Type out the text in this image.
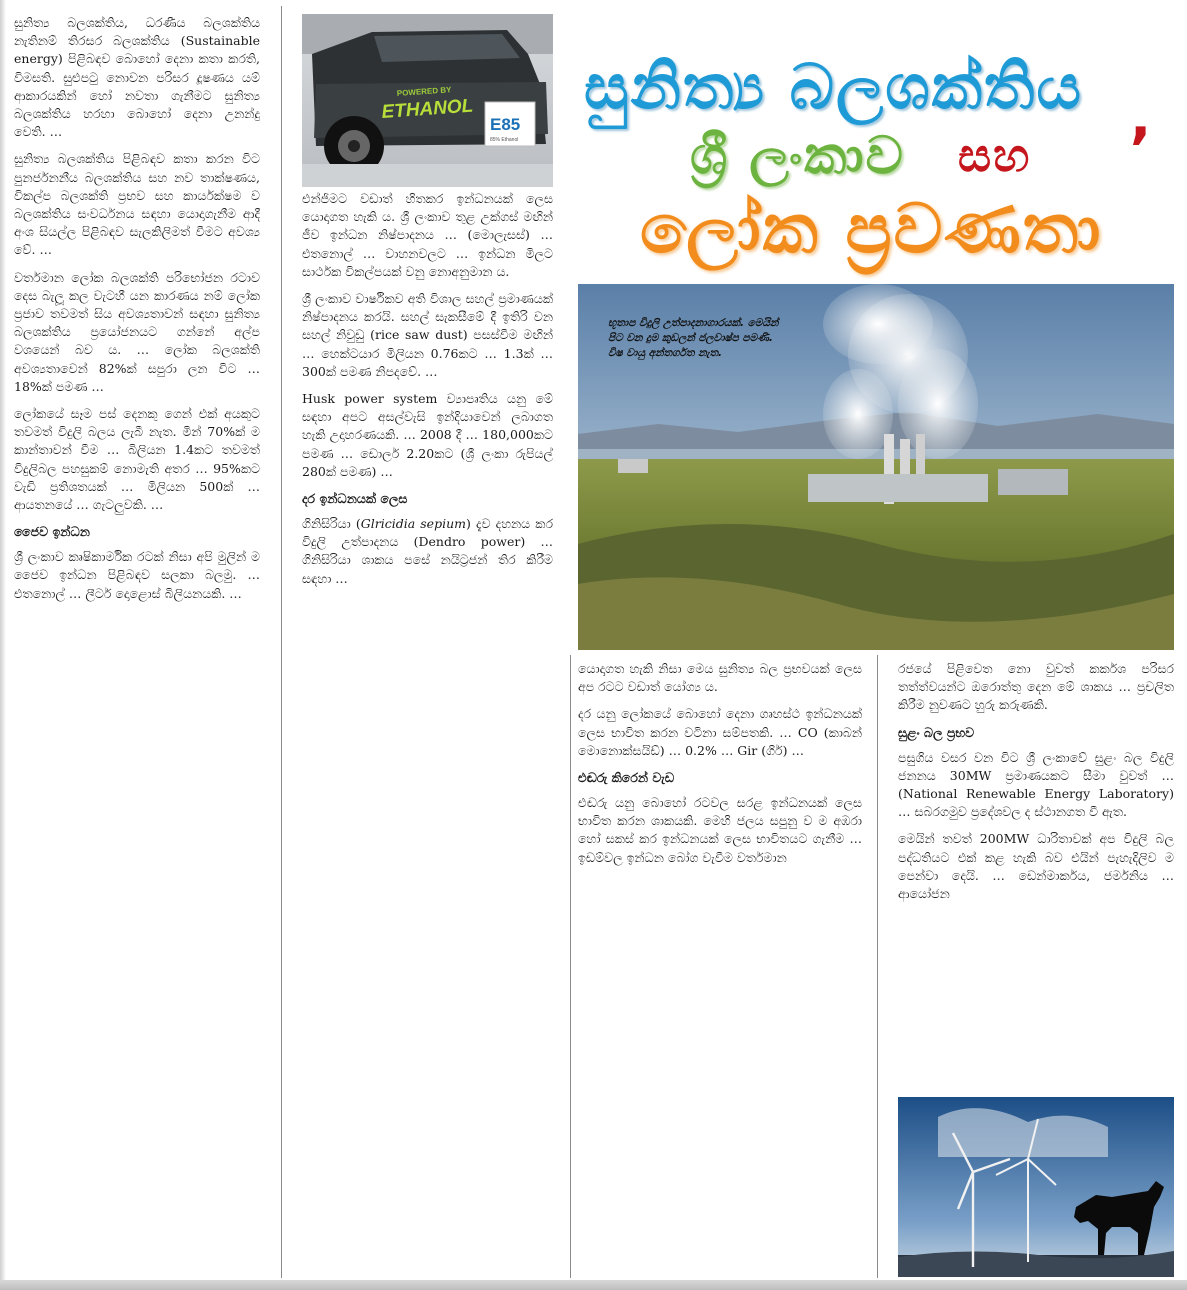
සුනිත්‍ය බලශක්තිය, ධරණීය බලශක්තිය නැතිනම් තිරසර බලශක්තිය (Sustainable energy) පිළිබඳව බොහෝ දෙනා කතා කරති, විමසති. සුළුපටු නොවන පරිසර දූෂණය යම් ආකාරයකින් හෝ නවතා ගැනීමට සුනිත්‍ය බලශක්තිය හරහා බොහෝ දෙනා උනන්දු වෙති. …

සුනිත්‍ය බලශක්තිය පිළිබඳව කතා කරන විට පුනර්ජනනීය බලශක්තිය සහ නව තාක්ෂණය, විකල්ප බලශක්ති ප්‍රභව සහ කාර්යක්ෂම ව බලශක්තිය සංවර්ධනය සඳහා යොදාගැනීම ආදී අංශ සියල්ල පිළිබඳව සැලකිලිමත් වීමට අවශ්‍ය වේ. …

වර්තමාන ලෝක බලශක්ති පරිභෝජන රටාව දෙස බැලූ කල වැටහී යන කාරණය නම් ලෝක ප්‍රජාව තවමත් සිය අවශ්‍යතාවන් සඳහා සුනිත්‍ය බලශක්තිය ප්‍රයෝජනයට ගන්නේ අල්ප වශයෙන් බව ය. … ලෝක බලශක්ති අවශ්‍යතාවෙන් 82%ක් සපුරා ලන විට … 18%ක් පමණ …

ලෝකයේ සෑම පස් දෙනකු ගෙන් එක් අයකුට තවමත් විදුලි බලය ලැබී නැත. මින් 70%ක් ම කාන්තාවන් වීම … බිලියන 1.4කට තවමත් විදුලිබල පහසුකම් නොමැති අතර … 95%කට වැඩි ප්‍රතිශතයක් … මිලියන 500ක් … ආයතනයේ … ගැටලුවකි. …

ජෛව ඉන්ධන

ශ්‍රී ලංකාව කෘෂිකාර්මික රටක් නිසා අපි මුලින් ම ජෛව ඉන්ධන පිළිබඳව සලකා බලමු. … එතනොල් … ලීටර් දොළොස් බිලියනයකි. …

POWERED BY
ETHANOL
E85
85% Ethanol

එන්ජිමට වඩාත් හිතකර ඉන්ධනයක් ලෙස යොදාගත හැකි ය. ශ්‍රී ලංකාව තුළ උක්ගස් මඟින් ජීව ඉන්ධන නිෂ්පාදනය … (මොලැසස්) … එතනොල් … වාහනවලට … ඉන්ධන මිලට සාර්ථක විකල්පයක් වනු නොඅනුමාන ය.

ශ්‍රී ලංකාව වාර්ෂිකව අති විශාල සහල් ප්‍රමාණයක් නිෂ්පාදනය කරයි. සහල් සැකසීමේ දී ඉතිරි වන සහල් නිවුඩු (rice saw dust) පසස්වීම මඟින් … හෙක්ටයාර මිලියන 0.76කට … 1.3ක් … 300ක් පමණ නිපදවේ. …

Husk power system ව්‍යාපෘතිය යනු මේ සඳහා අපට අසල්වැසි ඉන්දියාවෙන් ලබාගත හැකි උදාහරණයකි. … 2008 දී … 180,000කට පමණ … ඩොලර් 2.20කට (ශ්‍රී ලංකා රුපියල් 280ක් පමණ) …

දර ඉන්ධනයක් ලෙස

ගිනිසිරියා (Glricidia sepium) දැව දහනය කර විදුලි උත්පාදනය (Dendro power) … ගිනිසිරියා ශාකය පසේ නයිට්‍රජන් තිර කිරීම සඳහා …

සුනිත්‍ය බලශක්තිය ,
ශ්‍රී ලංකාව සහ
ලෝක ප්‍රවණතා
භූතාප විදුලි උත්පාදනාගාරයක්. මෙයින් පිට වන දුම කුඩලන් ජලවාෂ්ප පමණි. විෂ වායු අන්තර්ගත නැත.

යොදාගත හැකි නිසා මෙය සුනිත්‍ය බල ප්‍රභවයක් ලෙස අප රටට වඩාත් යෝග්‍ය ය.

දර යනු ලෝකයේ බොහෝ දෙනා ගෘහස්ථ ඉන්ධනයක් ලෙස භාවිත කරන වටිනා සම්පතකි. … CO (කාබන් මොනොක්සයිඩ්) … 0.2% … Gir (ගිර්) …

එඬරු කිරෙන් වැඩ

එඬරු යනු බොහෝ රටවල සරළ ඉන්ධනයක් ලෙස භාවිත කරන ශාකයකි. මෙහි ජලය සපුනු ව ම අඹරා හෝ සකස් කර ඉන්ධනයක් ලෙස භාවිතයට ගැනීම … ඉඩම්වල ඉන්ධන බෝග වැවීම වර්තමාන

රජයේ පිළිවෙත නො වුවත් කර්කශ පරිසර තත්ත්වයන්ට ඔරොත්තු දෙන මේ ශාකය … ප්‍රචලිත කිරීම නුවණට හුරු කරුණකි.

සුළං බල ප්‍රභව

පසුගිය වසර වන විට ශ්‍රී ලංකාවේ සුළං බල විදුලි ජනනය 30MW ප්‍රමාණයකට සීමා වුවත් … (National Renewable Energy Laboratory) … සබරගමුව ප්‍රදේශවල ද ස්ථානගත වී ඇත.

මෙයින් තවත් 200MW ධාරිතාවක් අප විදුලි බල පද්ධතියට එක් කළ හැකි බව එයින් පැහැදිලිව ම පෙන්වා දෙයි. … ඩෙන්මාර්කය, ජර්මනිය … ආයෝජන
